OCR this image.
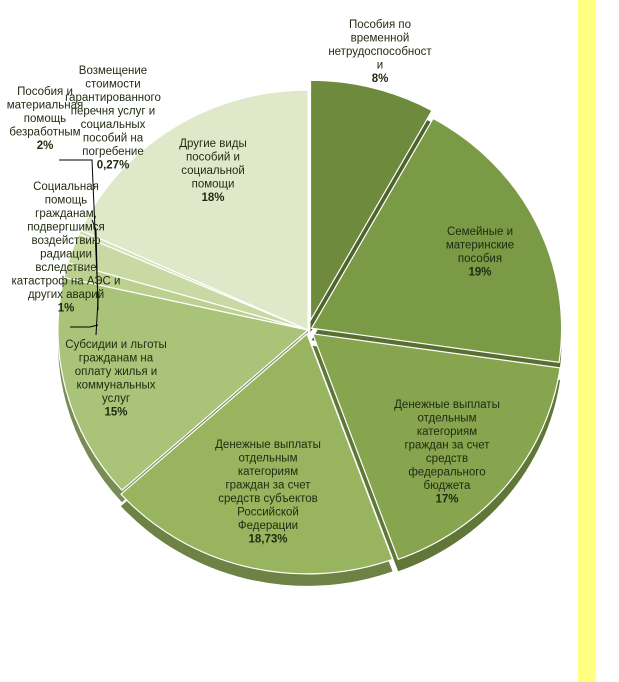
Пособия по временной нетрудоспособност и 8%
Семейные и материнские пособия 19%
Денежные выплаты отдельным категориям граждан за счет средств федерального бюджета 17%
Денежные выплаты отдельным категориям граждан за счет средств субъектов Российской Федерации 18,73%
Субсидии и льготы гражданам на оплату жилья и коммунальных услуг 15%
Социальная помощь гражданам, подвергшимся воздействию радиации вследствие катастроф на АЭС и других аварий 1%
Пособия и материальная помощь безработным 2%
Возмещение стоимости гарантированного перечня услуг и социальных пособий на погребение 0,27%
Другие виды пособий и социальной помощи 18%
